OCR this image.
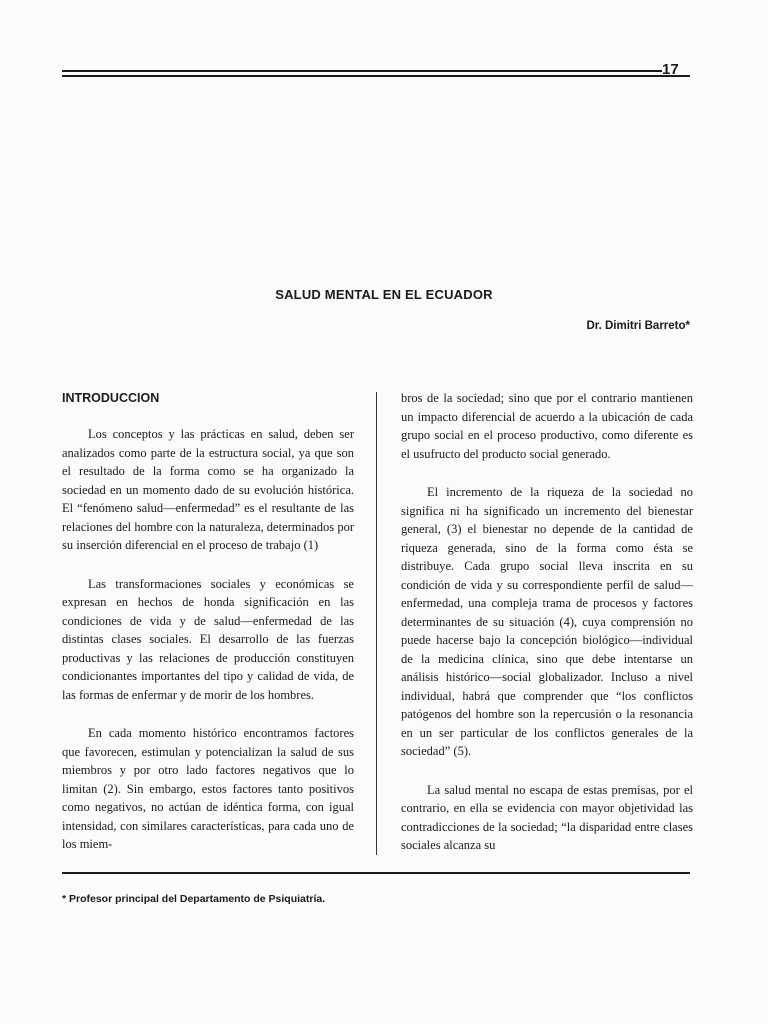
17
SALUD MENTAL EN EL ECUADOR
Dr. Dimitri Barreto*
INTRODUCCION

Los conceptos y las prácticas en salud, deben ser analizados como parte de la estructura social, ya que son el resultado de la forma como se ha organizado la sociedad en un momento dado de su evolución histórica. El “fenómeno salud—enfermedad” es el resultante de las relaciones del hombre con la naturaleza, determinados por su inserción diferencial en el proceso de trabajo (1)

Las transformaciones sociales y económicas se expresan en hechos de honda significación en las condiciones de vida y de salud—enfermedad de las distintas clases sociales. El desarrollo de las fuerzas productivas y las relaciones de producción constituyen condicionantes importantes del tipo y calidad de vida, de las formas de enfermar y de morir de los hombres.

En cada momento histórico encontramos factores que favorecen, estimulan y potencializan la salud de sus miembros y por otro lado factores negativos que lo limitan (2). Sin embargo, estos factores tanto positivos como negativos, no actúan de idéntica forma, con igual intensidad, con similares características, para cada uno de los miem-

bros de la sociedad; sino que por el contrario mantienen un impacto diferencial de acuerdo a la ubicación de cada grupo social en el proceso productivo, como diferente es el usufructo del producto social generado.

El incremento de la riqueza de la sociedad no significa ni ha significado un incremento del bienestar general, (3) el bienestar no depende de la cantidad de riqueza generada, sino de la forma como ésta se distribuye. Cada grupo social lleva inscrita en su condición de vida y su correspondiente perfil de salud—enfermedad, una compleja trama de procesos y factores determinantes de su situación (4), cuya comprensión no puede hacerse bajo la concepción biológico—individual de la medicina clínica, sino que debe intentarse un análisis histórico—social globalizador. Incluso a nivel individual, habrá que comprender que “los conflictos patógenos del hombre son la repercusión o la resonancia en un ser particular de los conflictos generales de la sociedad” (5).

La salud mental no escapa de estas premisas, por el contrario, en ella se evidencia con mayor objetividad las contradicciones de la sociedad; “la disparidad entre clases sociales alcanza su

* Profesor principal del Departamento de Psiquiatría.
